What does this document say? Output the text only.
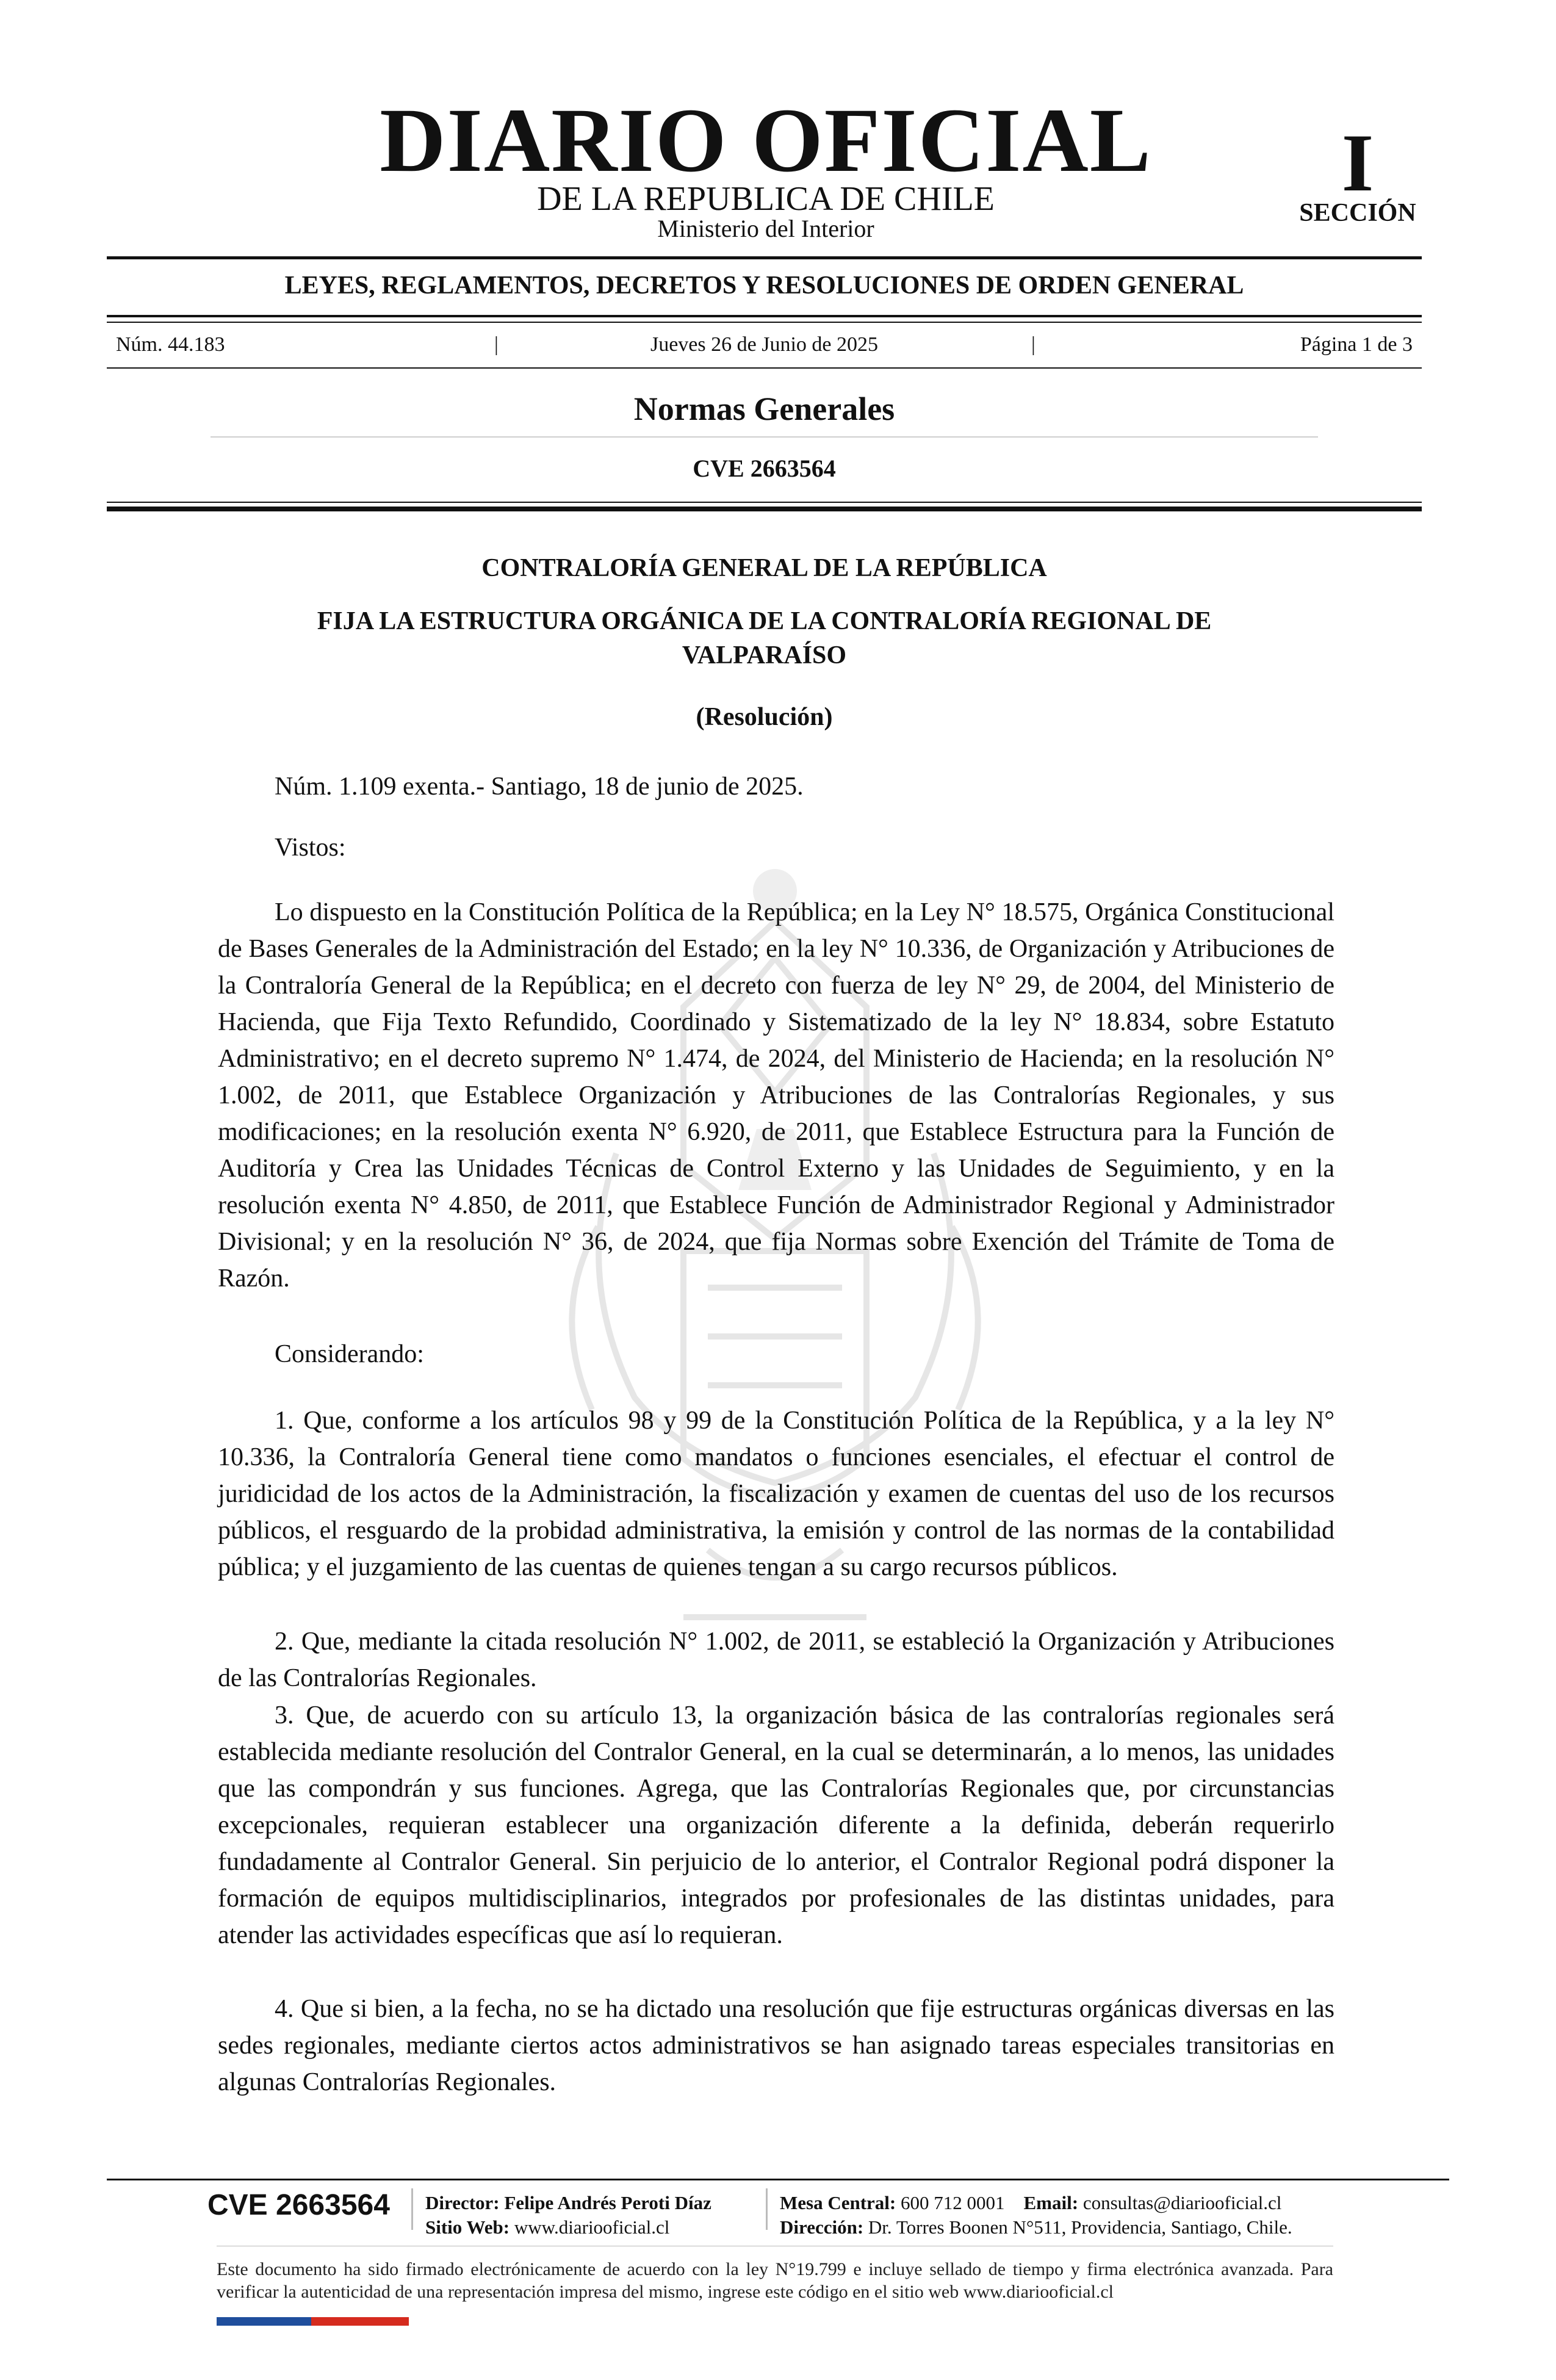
DIARIO OFICIAL
DE LA REPUBLICA DE CHILE
Ministerio del Interior
I
SECCIÓN
LEYES, REGLAMENTOS, DECRETOS Y RESOLUCIONES DE ORDEN GENERAL
Núm. 44.183	|	Jueves 26 de Junio de 2025	|	Página 1 de 3
Normas Generales
CVE 2663564
CONTRALORÍA GENERAL DE LA REPÚBLICA
FIJA LA ESTRUCTURA ORGÁNICA DE LA CONTRALORÍA REGIONAL DE VALPARAÍSO
(Resolución)
Núm. 1.109 exenta.- Santiago, 18 de junio de 2025.
Vistos:
Lo dispuesto en la Constitución Política de la República; en la Ley N° 18.575, Orgánica Constitucional de Bases Generales de la Administración del Estado; en la ley N° 10.336, de Organización y Atribuciones de la Contraloría General de la República; en el decreto con fuerza de ley N° 29, de 2004, del Ministerio de Hacienda, que Fija Texto Refundido, Coordinado y Sistematizado de la ley N° 18.834, sobre Estatuto Administrativo; en el decreto supremo N° 1.474, de 2024, del Ministerio de Hacienda; en la resolución N° 1.002, de 2011, que Establece Organización y Atribuciones de las Contralorías Regionales, y sus modificaciones; en la resolución exenta N° 6.920, de 2011, que Establece Estructura para la Función de Auditoría y Crea las Unidades Técnicas de Control Externo y las Unidades de Seguimiento, y en la resolución exenta N° 4.850, de 2011, que Establece Función de Administrador Regional y Administrador Divisional; y en la resolución N° 36, de 2024, que fija Normas sobre Exención del Trámite de Toma de Razón.
Considerando:
1. Que, conforme a los artículos 98 y 99 de la Constitución Política de la República, y a la ley N° 10.336, la Contraloría General tiene como mandatos o funciones esenciales, el efectuar el control de juridicidad de los actos de la Administración, la fiscalización y examen de cuentas del uso de los recursos públicos, el resguardo de la probidad administrativa, la emisión y control de las normas de la contabilidad pública; y el juzgamiento de las cuentas de quienes tengan a su cargo recursos públicos.
2. Que, mediante la citada resolución N° 1.002, de 2011, se estableció la Organización y Atribuciones de las Contralorías Regionales.
3. Que, de acuerdo con su artículo 13, la organización básica de las contralorías regionales será establecida mediante resolución del Contralor General, en la cual se determinarán, a lo menos, las unidades que las compondrán y sus funciones. Agrega, que las Contralorías Regionales que, por circunstancias excepcionales, requieran establecer una organización diferente a la definida, deberán requerirlo fundadamente al Contralor General. Sin perjuicio de lo anterior, el Contralor Regional podrá disponer la formación de equipos multidisciplinarios, integrados por profesionales de las distintas unidades, para atender las actividades específicas que así lo requieran.
4. Que si bien, a la fecha, no se ha dictado una resolución que fije estructuras orgánicas diversas en las sedes regionales, mediante ciertos actos administrativos se han asignado tareas especiales transitorias en algunas Contralorías Regionales.
CVE 2663564 Director: Felipe Andrés Peroti Díaz
Sitio Web: www.diariooficial.cl
Mesa Central: 600 712 0001 Email: consultas@diariooficial.cl
Dirección: Dr. Torres Boonen N°511, Providencia, Santiago, Chile.
Este documento ha sido firmado electrónicamente de acuerdo con la ley N°19.799 e incluye sellado de tiempo y firma electrónica avanzada. Para verificar la autenticidad de una representación impresa del mismo, ingrese este código en el sitio web www.diariooficial.cl
